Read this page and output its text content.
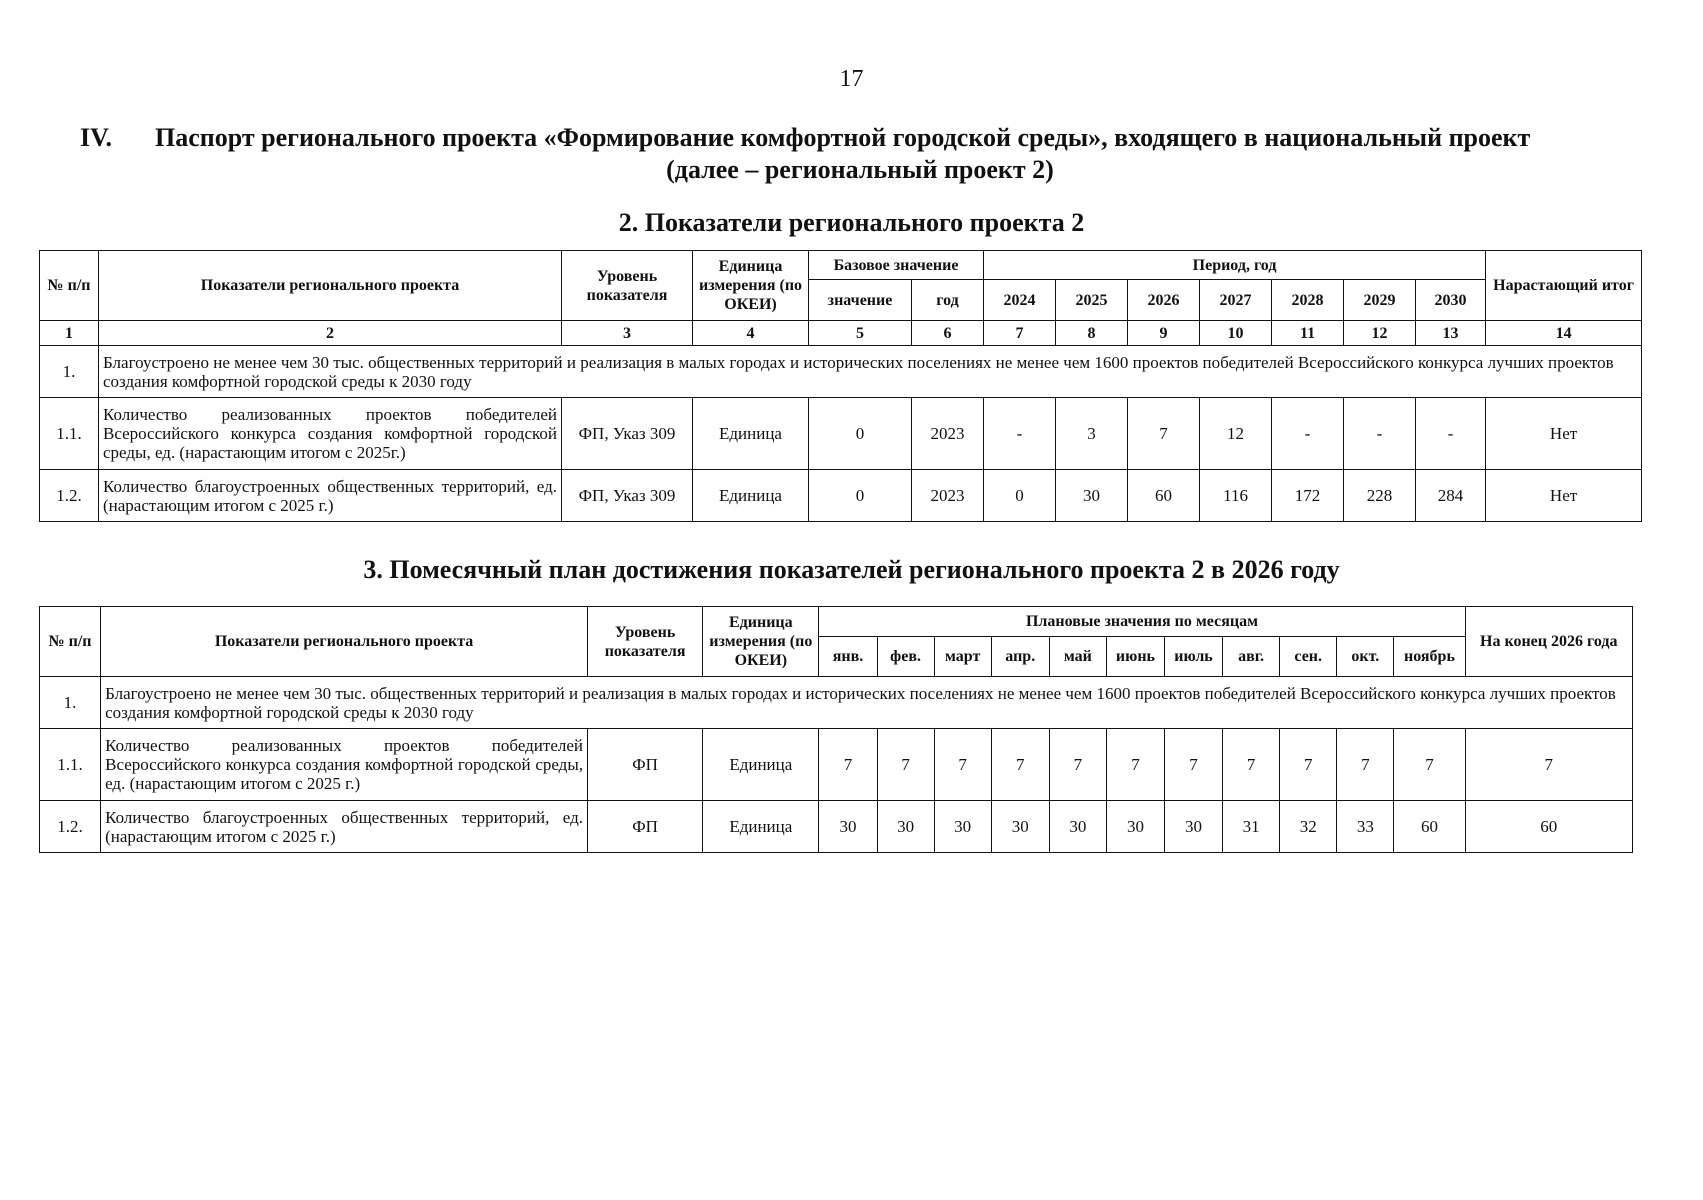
17
IV. Паспорт регионального проекта «Формирование комфортной городской среды», входящего в национальный проект
(далее – региональный проект 2)
2. Показатели регионального проекта 2
№ п/п	Показатели регионального проекта	Уровень показателя	Единица измерения (по ОКЕИ)	Базовое значение		Период, год							Нарастающий итог
				значение	год	2024	2025	2026	2027	2028	2029	2030	
1	2	3	4	5	6	7	8	9	10	11	12	13	14
1.	Благоустроено не менее чем 30 тыс. общественных территорий и реализация в малых городах и исторических поселениях не менее чем 1600 проектов победителей Всероссийского конкурса лучших проектов создания комфортной городской среды к 2030 году												
1.1.	Количество реализованных проектов победителей Всероссийского конкурса создания комфортной городской среды, ед. (нарастающим итогом с 2025г.)	ФП, Указ 309	Единица	0	2023	-	3	7	12	-	-	-	Нет
1.2.	Количество благоустроенных общественных территорий, ед. (нарастающим итогом с 2025 г.)	ФП, Указ 309	Единица	0	2023	0	30	60	116	172	228	284	Нет
3. Помесячный план достижения показателей регионального проекта 2 в 2026 году
№ п/п	Показатели регионального проекта	Уровень показателя	Единица измерения (по ОКЕИ)	Плановые значения по месяцам											На конец 2026 года
				янв.	фев.	март	апр.	май	июнь	июль	авг.	сен.	окт.	ноябрь	
1.	Благоустроено не менее чем 30 тыс. общественных территорий и реализация в малых городах и исторических поселениях не менее чем 1600 проектов победителей Всероссийского конкурса лучших проектов создания комфортной городской среды к 2030 году														
1.1.	Количество реализованных проектов победителей Всероссийского конкурса создания комфортной городской среды, ед. (нарастающим итогом с 2025 г.)	ФП	Единица	7	7	7	7	7	7	7	7	7	7	7	7
1.2.	Количество благоустроенных общественных территорий, ед. (нарастающим итогом с 2025 г.)	ФП	Единица	30	30	30	30	30	30	30	31	32	33	60	60
